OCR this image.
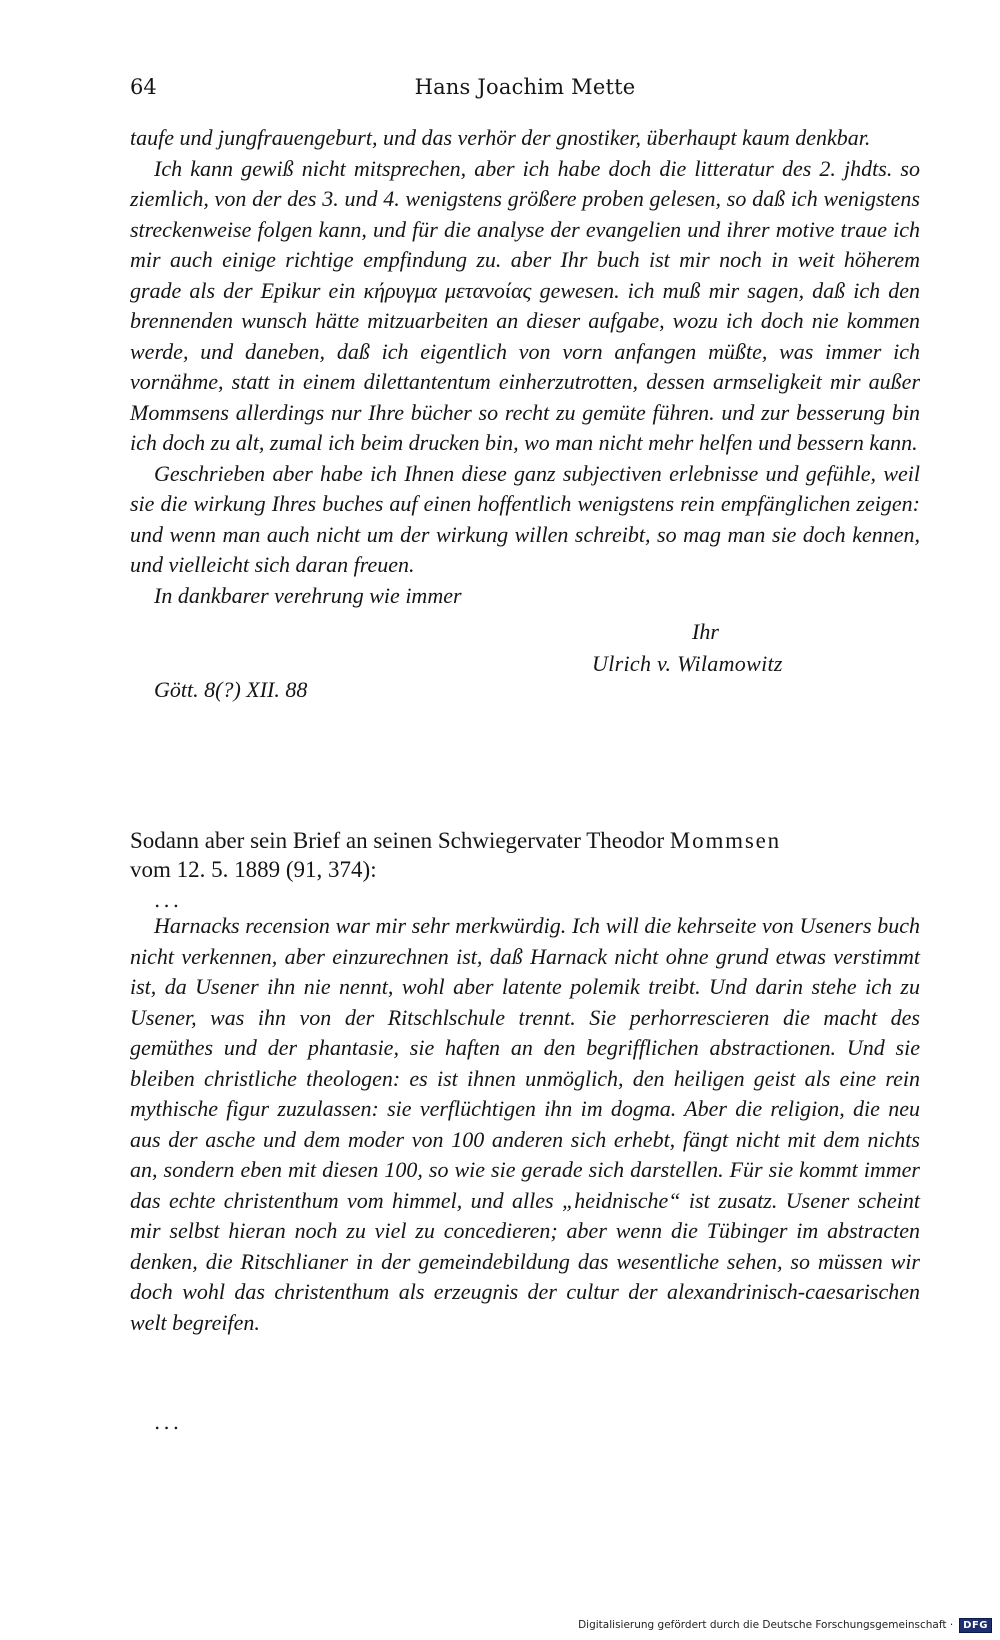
64	Hans Joachim Mette

taufe und jungfrauengeburt, und das verhör der gnostiker, überhaupt kaum denkbar.

Ich kann gewiß nicht mitsprechen, aber ich habe doch die litteratur des 2. jhdts. so ziemlich, von der des 3. und 4. wenigstens größere proben gelesen, so daß ich wenigstens streckenweise folgen kann, und für die analyse der evangelien und ihrer motive traue ich mir auch einige richtige empfindung zu. aber Ihr buch ist mir noch in weit höherem grade als der Epikur ein κήρυγμα μετανοίας gewesen. ich muß mir sagen, daß ich den brennenden wunsch hätte mitzuarbeiten an dieser aufgabe, wozu ich doch nie kommen werde, und daneben, daß ich eigentlich von vorn anfangen müßte, was immer ich vornähme, statt in einem dilettantentum einherzutrotten, dessen armseligkeit mir außer Mommsens allerdings nur Ihre bücher so recht zu gemüte führen. und zur besserung bin ich doch zu alt, zumal ich beim drucken bin, wo man nicht mehr helfen und bessern kann.

Geschrieben aber habe ich Ihnen diese ganz subjectiven erlebnisse und gefühle, weil sie die wirkung Ihres buches auf einen hoffentlich wenigstens rein empfänglichen zeigen: und wenn man auch nicht um der wirkung willen schreibt, so mag man sie doch kennen, und vielleicht sich daran freuen.

In dankbarer verehrung wie immer

Ihr
Ulrich v. Wilamowitz
Gött. 8(?) XII. 88

Sodann aber sein Brief an seinen Schwiegervater Theodor Mommsen
vom 12. 5. 1889 (91, 374):

...

Harnacks recension war mir sehr merkwürdig. Ich will die kehrseite von Useners buch nicht verkennen, aber einzurechnen ist, daß Harnack nicht ohne grund etwas verstimmt ist, da Usener ihn nie nennt, wohl aber latente polemik treibt. Und darin stehe ich zu Usener, was ihn von der Ritschlschule trennt. Sie perhorrescieren die macht des gemüthes und der phantasie, sie haften an den begrifflichen abstractionen. Und sie bleiben christliche theologen: es ist ihnen unmöglich, den heiligen geist als eine rein mythische figur zuzulassen: sie verflüchtigen ihn im dogma. Aber die religion, die neu aus der asche und dem moder von 100 anderen sich erhebt, fängt nicht mit dem nichts an, sondern eben mit diesen 100, so wie sie gerade sich darstellen. Für sie kommt immer das echte christenthum vom himmel, und alles „heidnische“ ist zusatz. Usener scheint mir selbst hieran noch zu viel zu concedieren; aber wenn die Tübinger im abstracten denken, die Ritschlianer in der gemeindebildung das wesentliche sehen, so müssen wir doch wohl das christenthum als erzeugnis der cultur der alexandrinisch-caesarischen welt begreifen.

...
Digitalisierung gefördert durch die Deutsche Forschungsgemeinschaft ·	DFG
